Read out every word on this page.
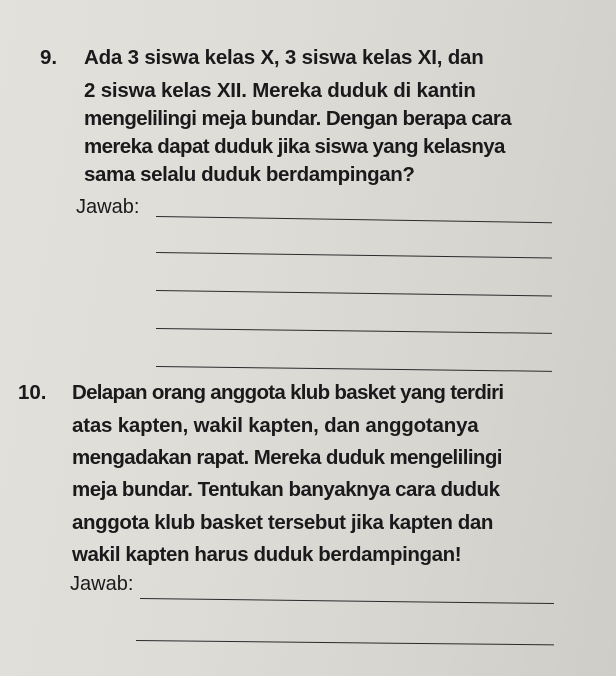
9. Ada 3 siswa kelas X, 3 siswa kelas XI, dan
2 siswa kelas XII. Mereka duduk di kantin
mengelilingi meja bundar. Dengan berapa cara
mereka dapat duduk jika siswa yang kelasnya
sama selalu duduk berdampingan?
Jawab:
10. Delapan orang anggota klub basket yang terdiri
atas kapten, wakil kapten, dan anggotanya
mengadakan rapat. Mereka duduk mengelilingi
meja bundar. Tentukan banyaknya cara duduk
anggota klub basket tersebut jika kapten dan
wakil kapten harus duduk berdampingan!
Jawab:
